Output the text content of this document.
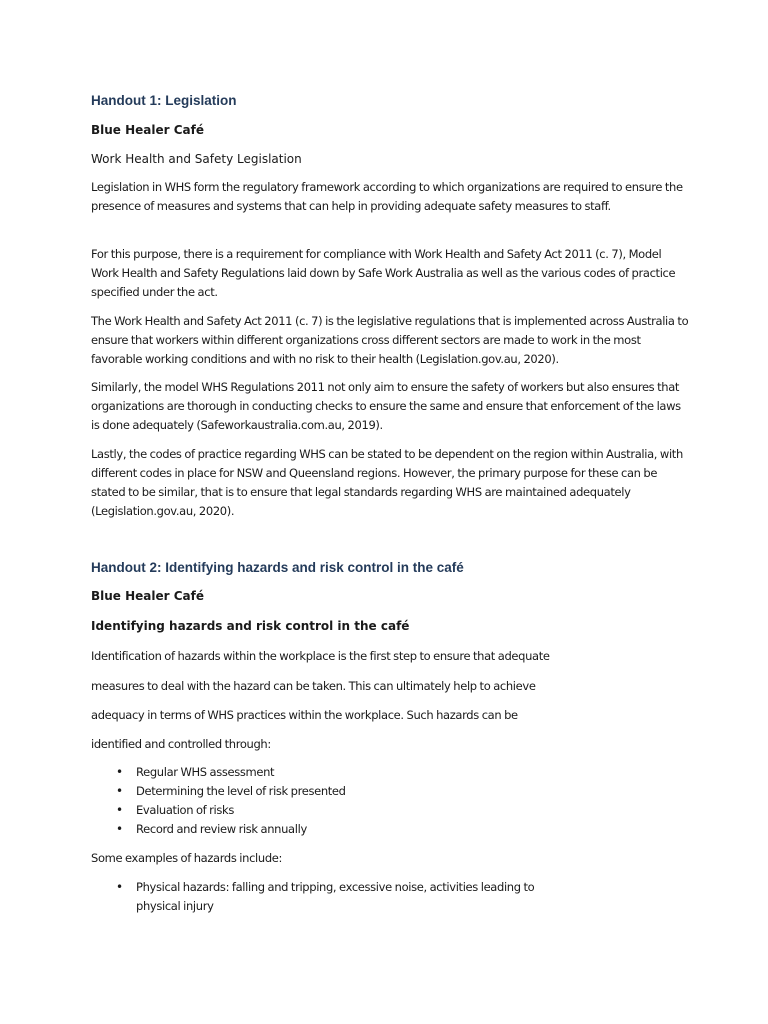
Handout 1: Legislation

Blue Healer Café

Work Health and Safety Legislation

Legislation in WHS form the regulatory framework according to which organizations are required to ensure the presence of measures and systems that can help in providing adequate safety measures to staff.

For this purpose, there is a requirement for compliance with Work Health and Safety Act 2011 (c. 7), Model Work Health and Safety Regulations laid down by Safe Work Australia as well as the various codes of practice specified under the act.

The Work Health and Safety Act 2011 (c. 7) is the legislative regulations that is implemented across Australia to ensure that workers within different organizations cross different sectors are made to work in the most favorable working conditions and with no risk to their health (Legislation.gov.au, 2020).

Similarly, the model WHS Regulations 2011 not only aim to ensure the safety of workers but also ensures that organizations are thorough in conducting checks to ensure the same and ensure that enforcement of the laws is done adequately (Safeworkaustralia.com.au, 2019).

Lastly, the codes of practice regarding WHS can be stated to be dependent on the region within Australia, with different codes in place for NSW and Queensland regions. However, the primary purpose for these can be stated to be similar, that is to ensure that legal standards regarding WHS are maintained adequately (Legislation.gov.au, 2020).

Handout 2: Identifying hazards and risk control in the café

Blue Healer Café

Identifying hazards and risk control in the café

Identification of hazards within the workplace is the first step to ensure that adequate

measures to deal with the hazard can be taken. This can ultimately help to achieve

adequacy in terms of WHS practices within the workplace. Such hazards can be

identified and controlled through:

• Regular WHS assessment
• Determining the level of risk presented
• Evaluation of risks
• Record and review risk annually

Some examples of hazards include:

• Physical hazards: falling and tripping, excessive noise, activities leading to physical injury
